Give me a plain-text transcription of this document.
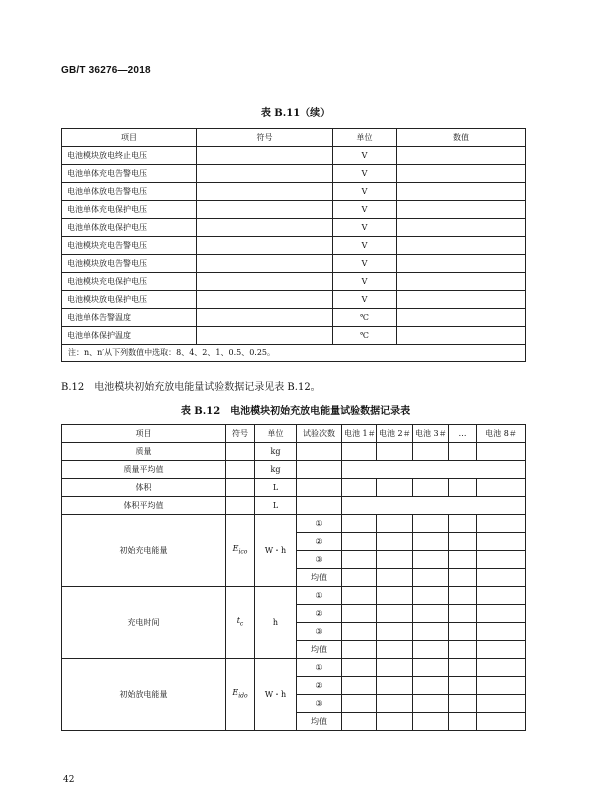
GB/T 36276—2018
表 B.11（续）
项目	符号	单位	数值
电池模块放电终止电压		V	
电池单体充电告警电压		V	
电池单体放电告警电压		V	
电池单体充电保护电压		V	
电池单体放电保护电压		V	
电池模块充电告警电压		V	
电池模块放电告警电压		V	
电池模块充电保护电压		V	
电池模块放电保护电压		V	
电池单体告警温度		℃	
电池单体保护温度		℃	
注：n、n′从下列数值中选取：8、4、2、1、0.5、0.25。			
B.12　电池模块初始充放电能量试验数据记录见表 B.12。
表 B.12　电池模块初始充放电能量试验数据记录表
项目	符号	单位	试验次数	电池 1＃	电池 2＃	电池 3＃	…	电池 8＃
质量		kg						
质量平均值		kg						
体积		L						
体积平均值		L						
初始充电能量	$E_{ico}$	W・h	①					
			②					
			③					
			均值					
充电时间	$t_c$	h	①					
			②					
			③					
			均值					
初始放电能量	$E_{ido}$	W・h	①					
			②					
			③					
			均值					
42
